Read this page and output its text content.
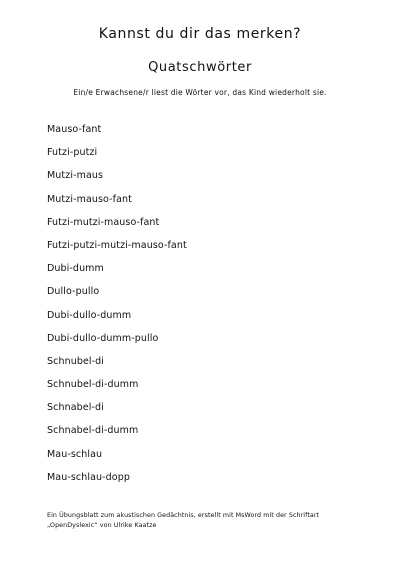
Kannst du dir das merken?
Quatschwörter
Ein/e Erwachsene/r liest die Wörter vor, das Kind wiederholt sie.
Mauso-fant
Futzi-putzi
Mutzi-maus
Mutzi-mauso-fant
Futzi-mutzi-mauso-fant
Futzi-putzi-mutzi-mauso-fant
Dubi-dumm
Dullo-pullo
Dubi-dullo-dumm
Dubi-dullo-dumm-pullo
Schnubel-di
Schnubel-di-dumm
Schnabel-di
Schnabel-di-dumm
Mau-schlau
Mau-schlau-dopp
Ein Übungsblatt zum akustischen Gedächtnis, erstellt mit MsWord mit der Schriftart
„OpenDyslexic“ von Ulrike Kaatze
